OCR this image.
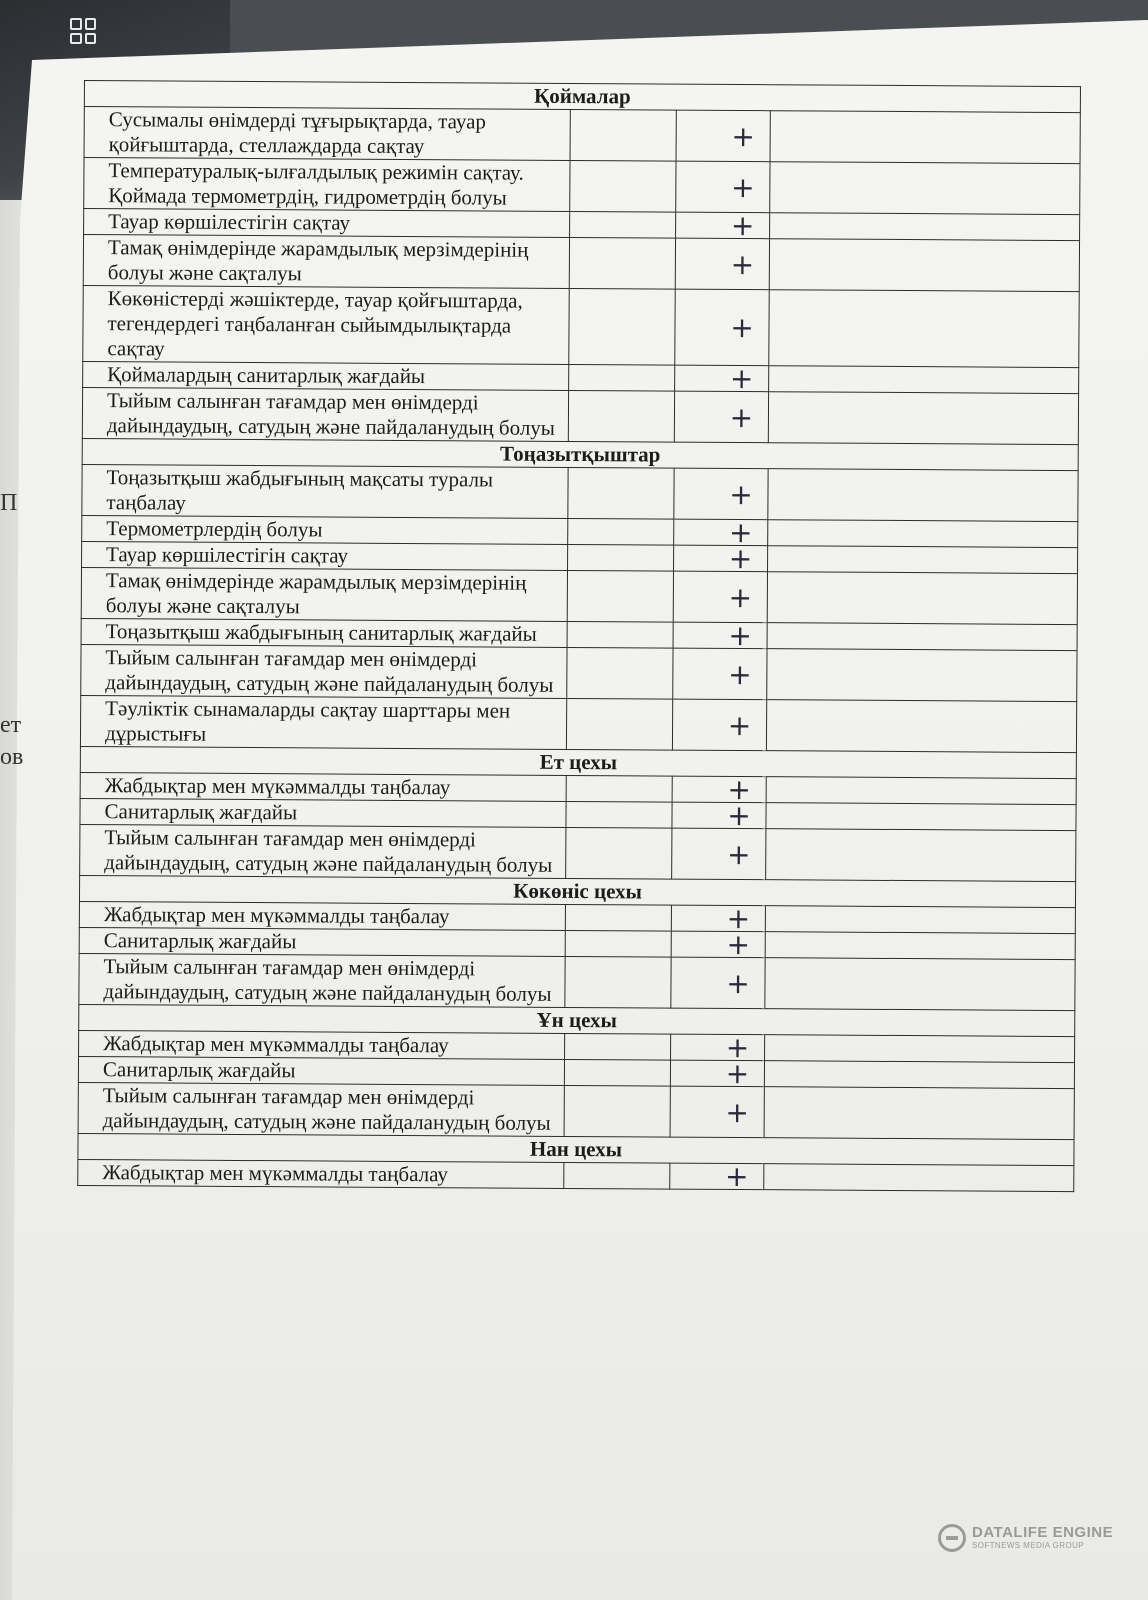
П
ет
ов
Қоймалар			
Сусымалы өнімдерді тұғырықтарда, тауар қойғыштарда, стеллаждарда сақтау		+	
Температуралық-ылғалдылық режимін сақтау. Қоймада термометрдің, гидрометрдің болуы		+	
Тауар көршілестігін сақтау		+	
Тамақ өнімдерінде жарамдылық мерзімдерінің болуы және сақталуы		+	
Көкөністерді жәшіктерде, тауар қойғыштарда, тегендердегі таңбаланған сыйымдылықтарда сақтау		+	
Қоймалардың санитарлық жағдайы		+	
Тыйым салынған тағамдар мен өнімдерді дайындаудың, сатудың және пайдаланудың болуы		+	
Тоңазытқыштар			
Тоңазытқыш жабдығының мақсаты туралы таңбалау		+	
Термометрлердің болуы		+	
Тауар көршілестігін сақтау		+	
Тамақ өнімдерінде жарамдылық мерзімдерінің болуы және сақталуы		+	
Тоңазытқыш жабдығының санитарлық жағдайы		+	
Тыйым салынған тағамдар мен өнімдерді дайындаудың, сатудың және пайдаланудың болуы		+	
Тәуліктік сынамаларды сақтау шарттары мен дұрыстығы		+	
Ет цехы			
Жабдықтар мен мүкәммалды таңбалау		+	
Санитарлық жағдайы		+	
Тыйым салынған тағамдар мен өнімдерді дайындаудың, сатудың және пайдаланудың болуы		+	
Көкөніс цехы			
Жабдықтар мен мүкәммалды таңбалау		+	
Санитарлық жағдайы		+	
Тыйым салынған тағамдар мен өнімдерді дайындаудың, сатудың және пайдаланудың болуы		+	
Ұн цехы			
Жабдықтар мен мүкәммалды таңбалау		+	
Санитарлық жағдайы		+	
Тыйым салынған тағамдар мен өнімдерді дайындаудың, сатудың және пайдаланудың болуы		+	
Нан цехы			
Жабдықтар мен мүкәммалды таңбалау		+	
DATALIFE ENGINE
SOFTNEWS MEDIA GROUP
